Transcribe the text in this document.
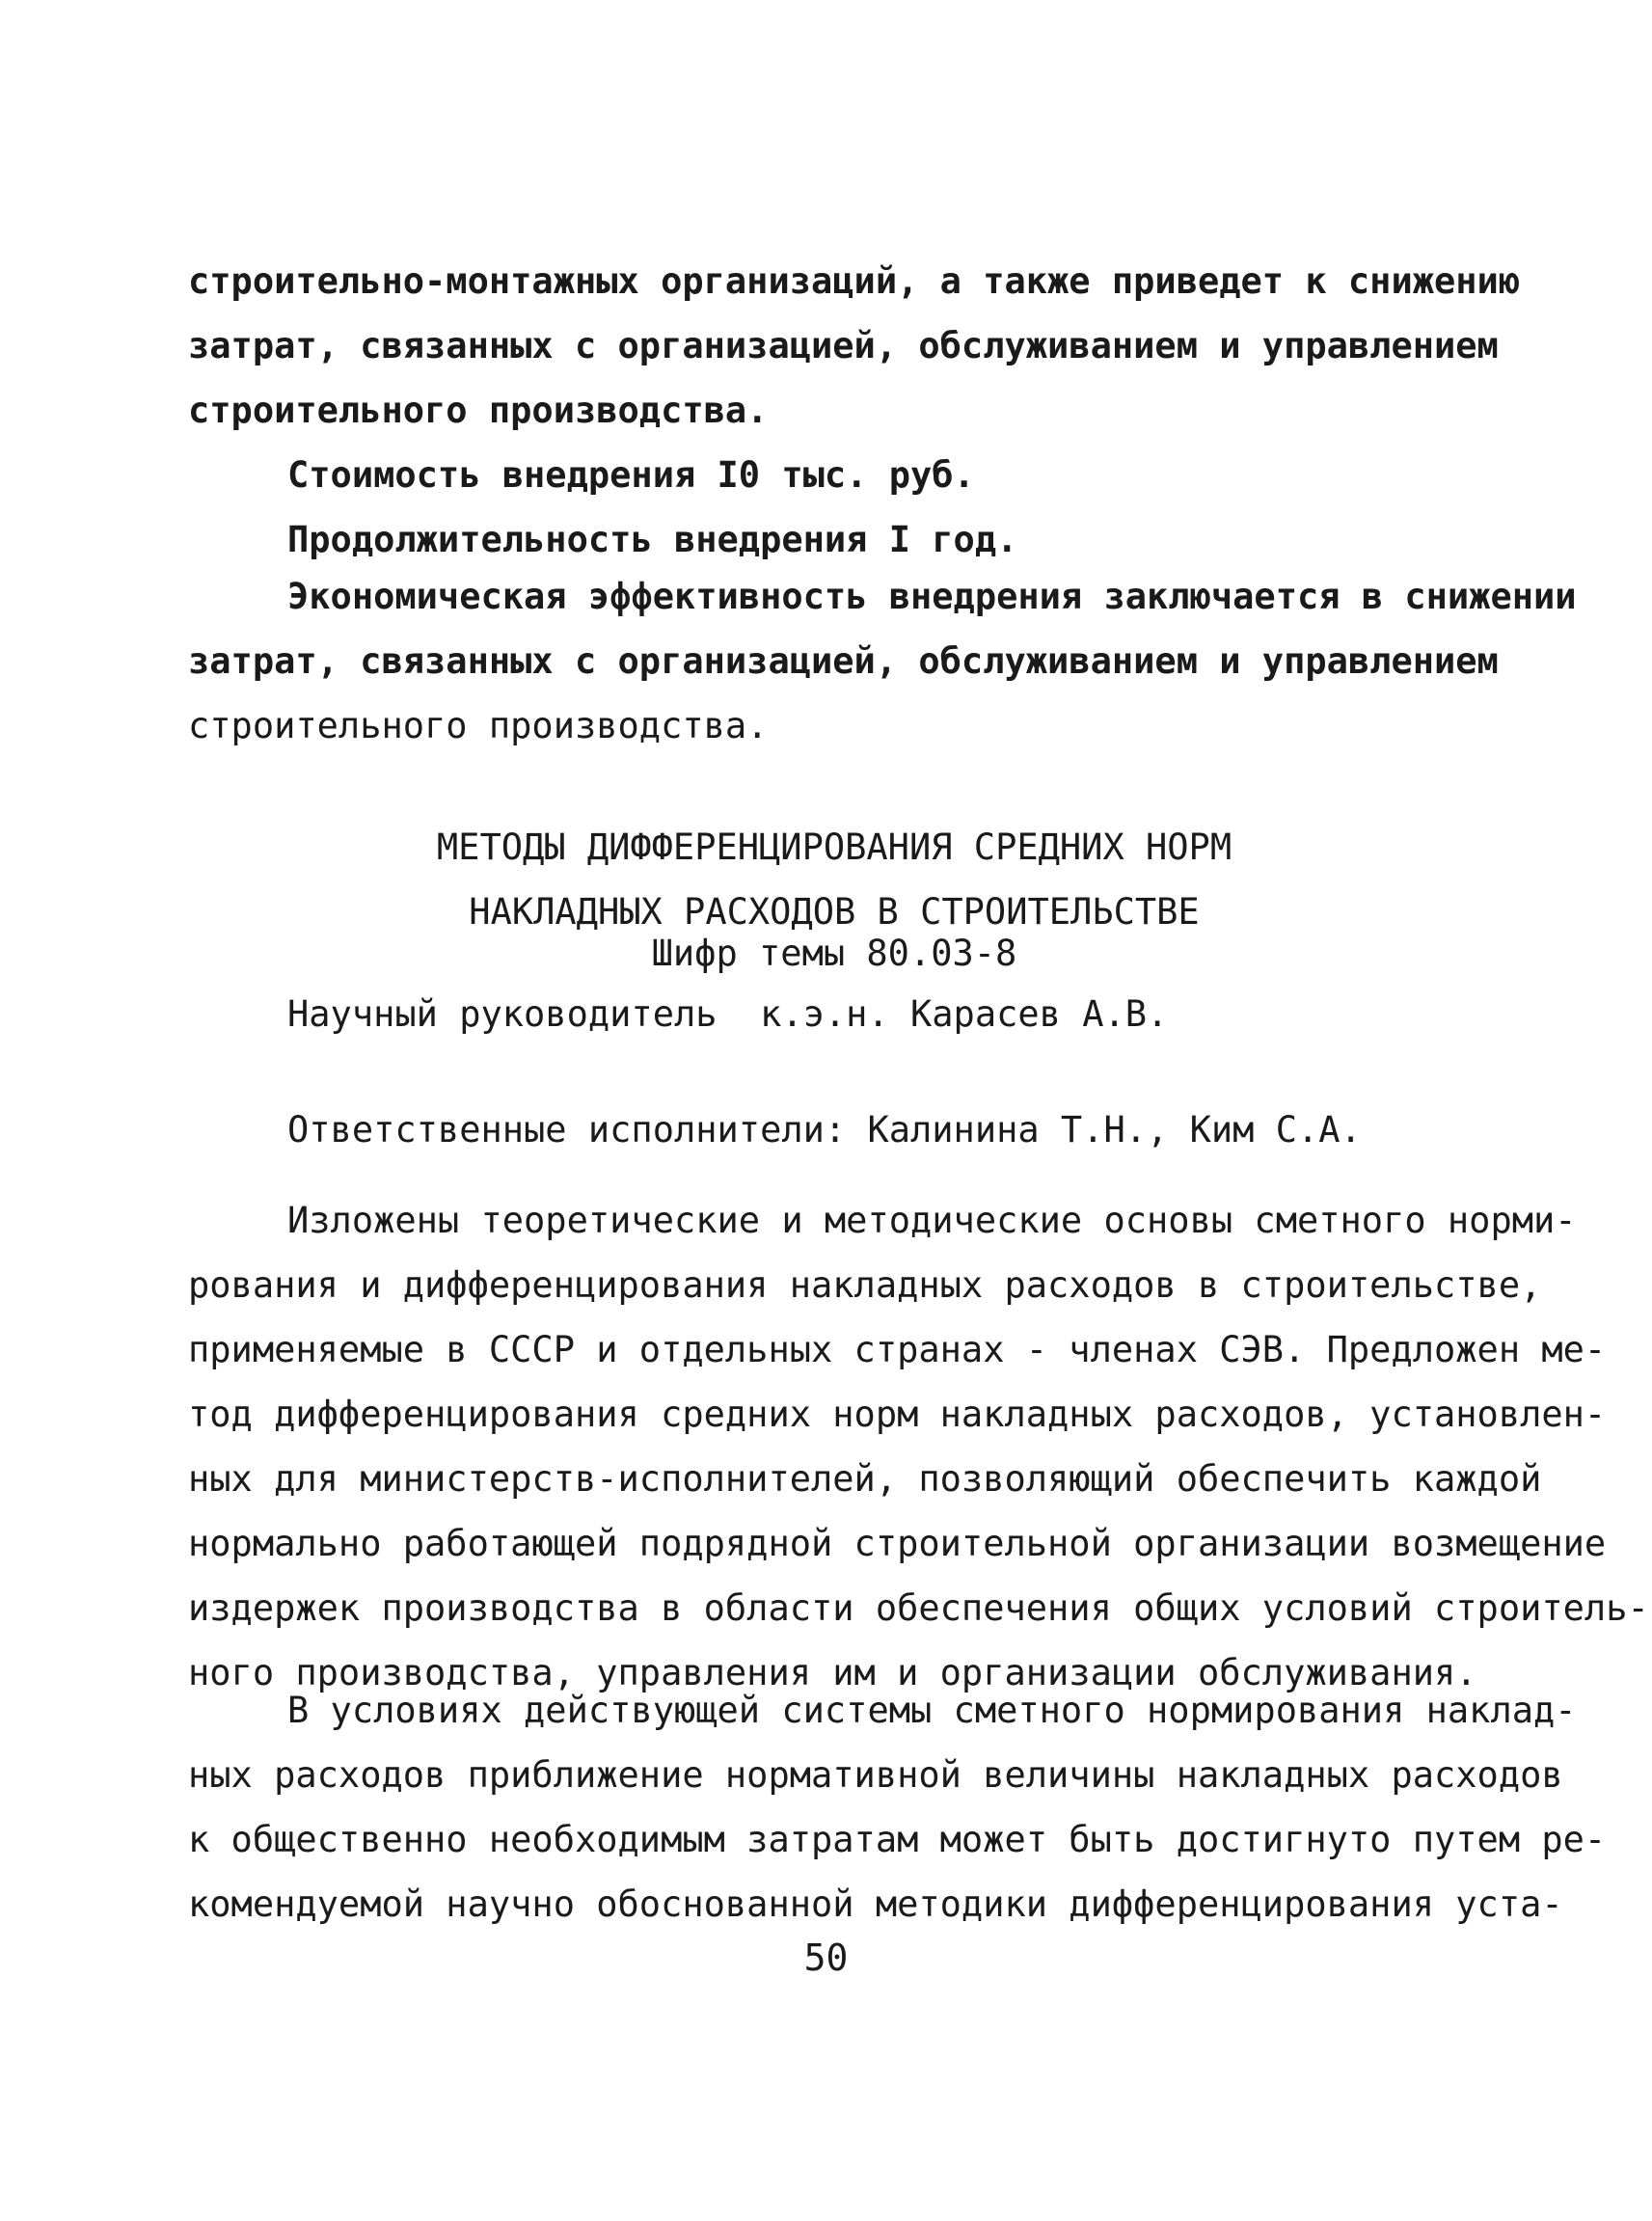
строительно-монтажных организаций, а также приведет к снижению
затрат, связанных с организацией, обслуживанием и управлением
строительного производства.
Стоимость внедрения I0 тыс. руб.
Продолжительность внедрения I год.
Экономическая эффективность внедрения заключается в снижении
затрат, связанных с организацией, обслуживанием и управлением
строительного производства.
МЕТОДЫ ДИФФЕРЕНЦИРОВАНИЯ СРЕДНИХ НОРМ
НАКЛАДНЫХ РАСХОДОВ В СТРОИТЕЛЬСТВЕ
Шифр темы 80.03-8
Научный руководитель  к.э.н. Карасев А.В.
Ответственные исполнители: Калинина Т.Н., Ким С.А.
Изложены теоретические и методические основы сметного норми-
рования и дифференцирования накладных расходов в строительстве,
применяемые в СССР и отдельных странах - членах СЭВ. Предложен ме-
тод дифференцирования средних норм накладных расходов, установлен-
ных для министерств-исполнителей, позволяющий обеспечить каждой
нормально работающей подрядной строительной организации возмещение
издержек производства в области обеспечения общих условий строитель-
ного производства, управления им и организации обслуживания.
В условиях действующей системы сметного нормирования наклад-
ных расходов приближение нормативной величины накладных расходов
к общественно необходимым затратам может быть достигнуто путем ре-
комендуемой научно обоснованной методики дифференцирования уста-
50
